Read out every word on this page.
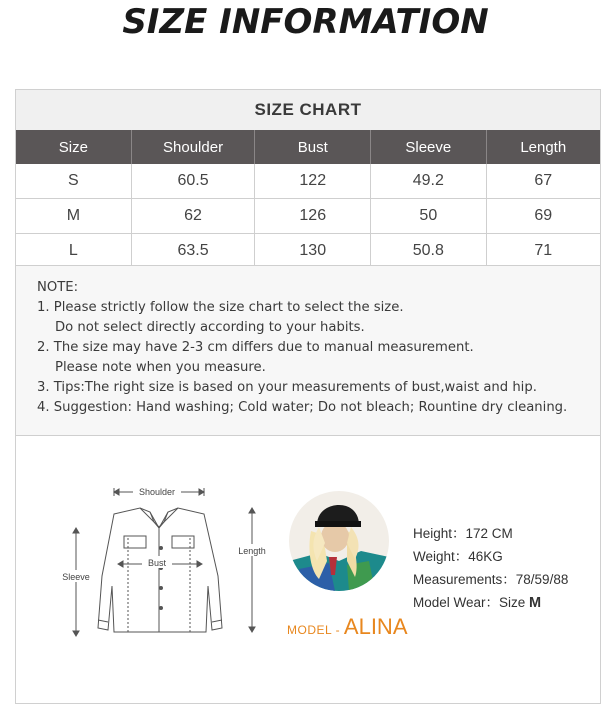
SIZE INFORMATION
SIZE CHART
Size	Shoulder	Bust	Sleeve	Length
S	60.5	122	49.2	67
M	62	126	50	69
L	63.5	130	50.8	71
NOTE:
1. Please strictly follow the size chart to select the size.
Do not select directly according to your habits.
2. The size may have 2-3 cm differs due to manual measurement.
Please note when you measure.
3. Tips:The right size is based on your measurements of bust,waist and hip.
4. Suggestion: Hand washing; Cold water; Do not bleach; Rountine dry cleaning.
Shoulder
Bust
Sleeve
Length
MODEL - ALINA
Height：172 CM
Weight：46KG
Measurements：78/59/88
Model Wear：Size M
